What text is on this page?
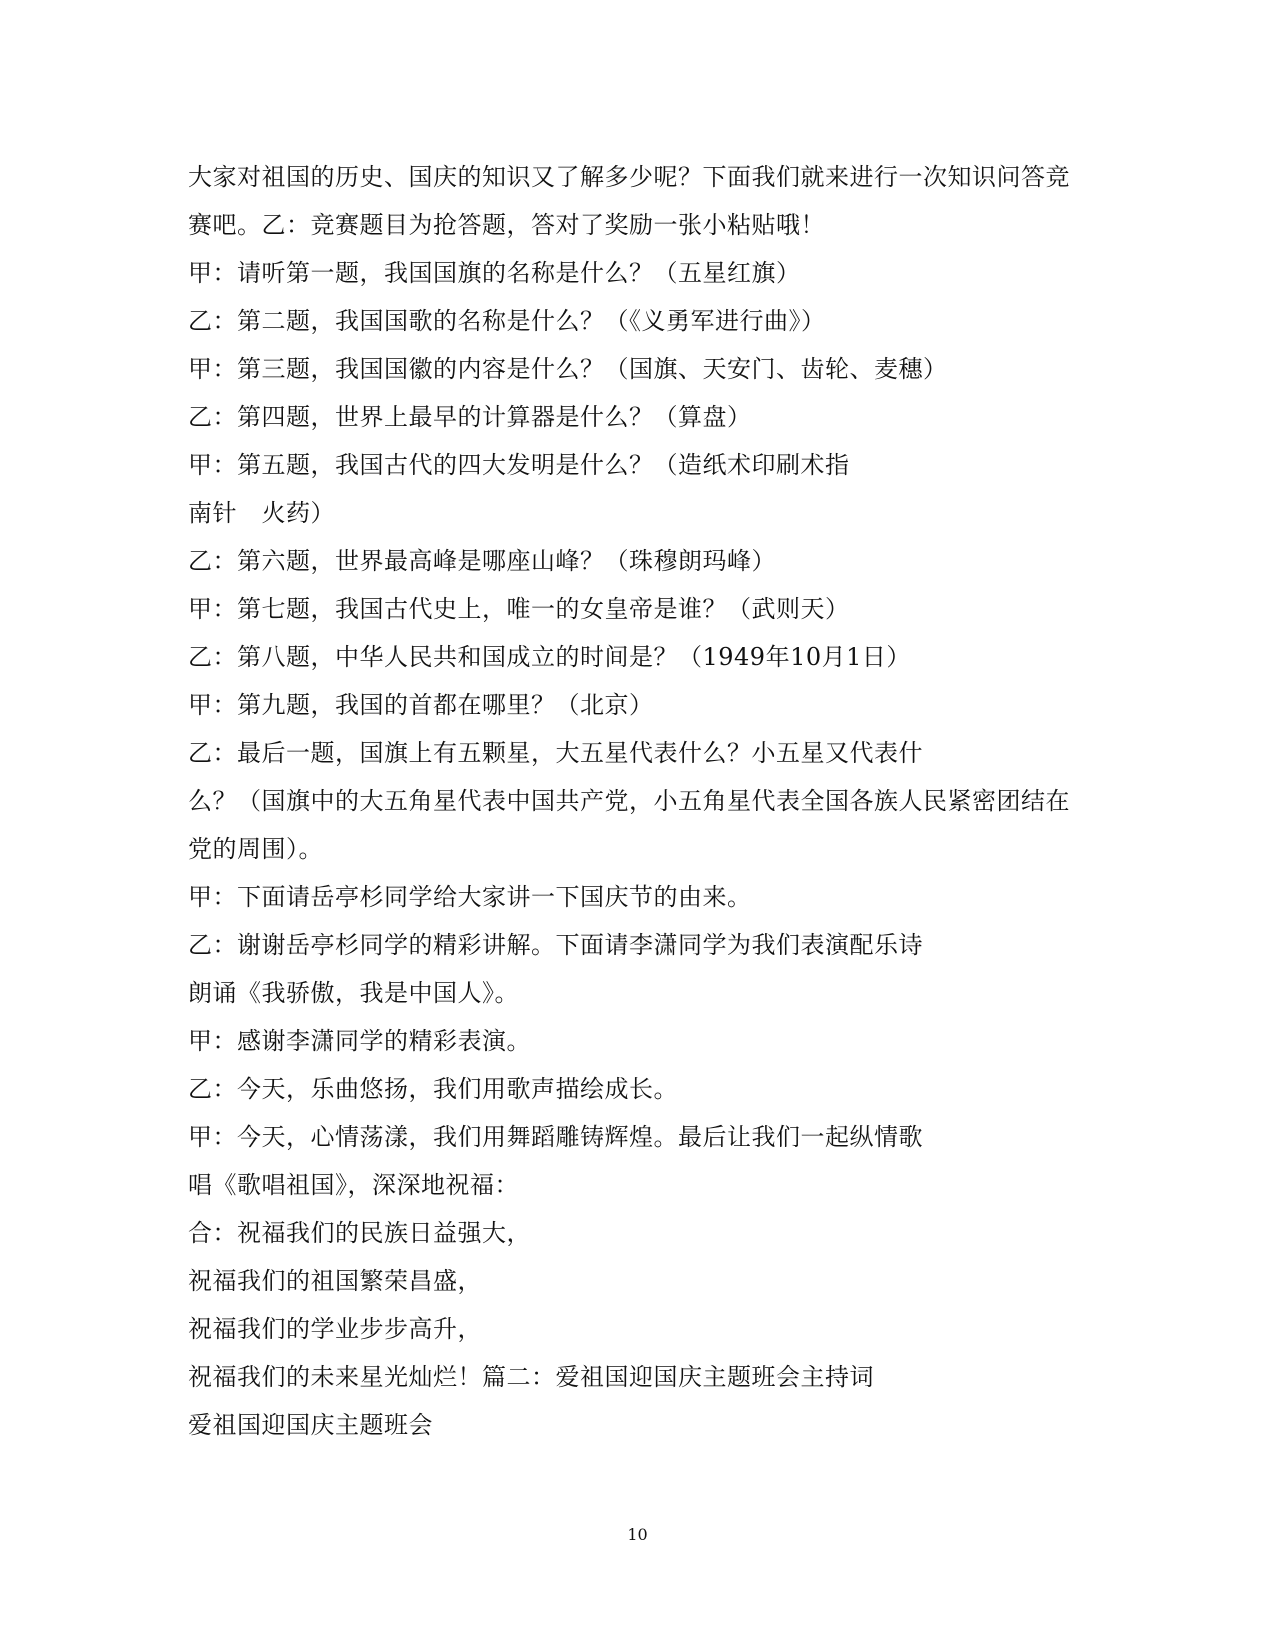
大家对祖国的历史、国庆的知识又了解多少呢？下面我们就来进行一次知识问答竞
赛吧。乙：竞赛题目为抢答题，答对了奖励一张小粘贴哦！
甲：请听第一题，我国国旗的名称是什么？（五星红旗）
乙：第二题，我国国歌的名称是什么？（《义勇军进行曲》）
甲：第三题，我国国徽的内容是什么？（国旗、天安门、齿轮、麦穗）
乙：第四题，世界上最早的计算器是什么？（算盘）
甲：第五题，我国古代的四大发明是什么？（造纸术印刷术指
南针　火药）
乙：第六题，世界最高峰是哪座山峰？（珠穆朗玛峰）
甲：第七题，我国古代史上，唯一的女皇帝是谁？（武则天）
乙：第八题，中华人民共和国成立的时间是？（1949年10月1日）
甲：第九题，我国的首都在哪里？（北京）
乙：最后一题，国旗上有五颗星，大五星代表什么？小五星又代表什
么？（国旗中的大五角星代表中国共产党，小五角星代表全国各族人民紧密团结在
党的周围）。
甲：下面请岳亭杉同学给大家讲一下国庆节的由来。
乙：谢谢岳亭杉同学的精彩讲解。下面请李潇同学为我们表演配乐诗
朗诵《我骄傲，我是中国人》。
甲：感谢李潇同学的精彩表演。
乙：今天，乐曲悠扬，我们用歌声描绘成长。
甲：今天，心情荡漾，我们用舞蹈雕铸辉煌。最后让我们一起纵情歌
唱《歌唱祖国》，深深地祝福：
合：祝福我们的民族日益强大，
祝福我们的祖国繁荣昌盛，
祝福我们的学业步步高升，
祝福我们的未来星光灿烂！篇二：爱祖国迎国庆主题班会主持词
爱祖国迎国庆主题班会
10
